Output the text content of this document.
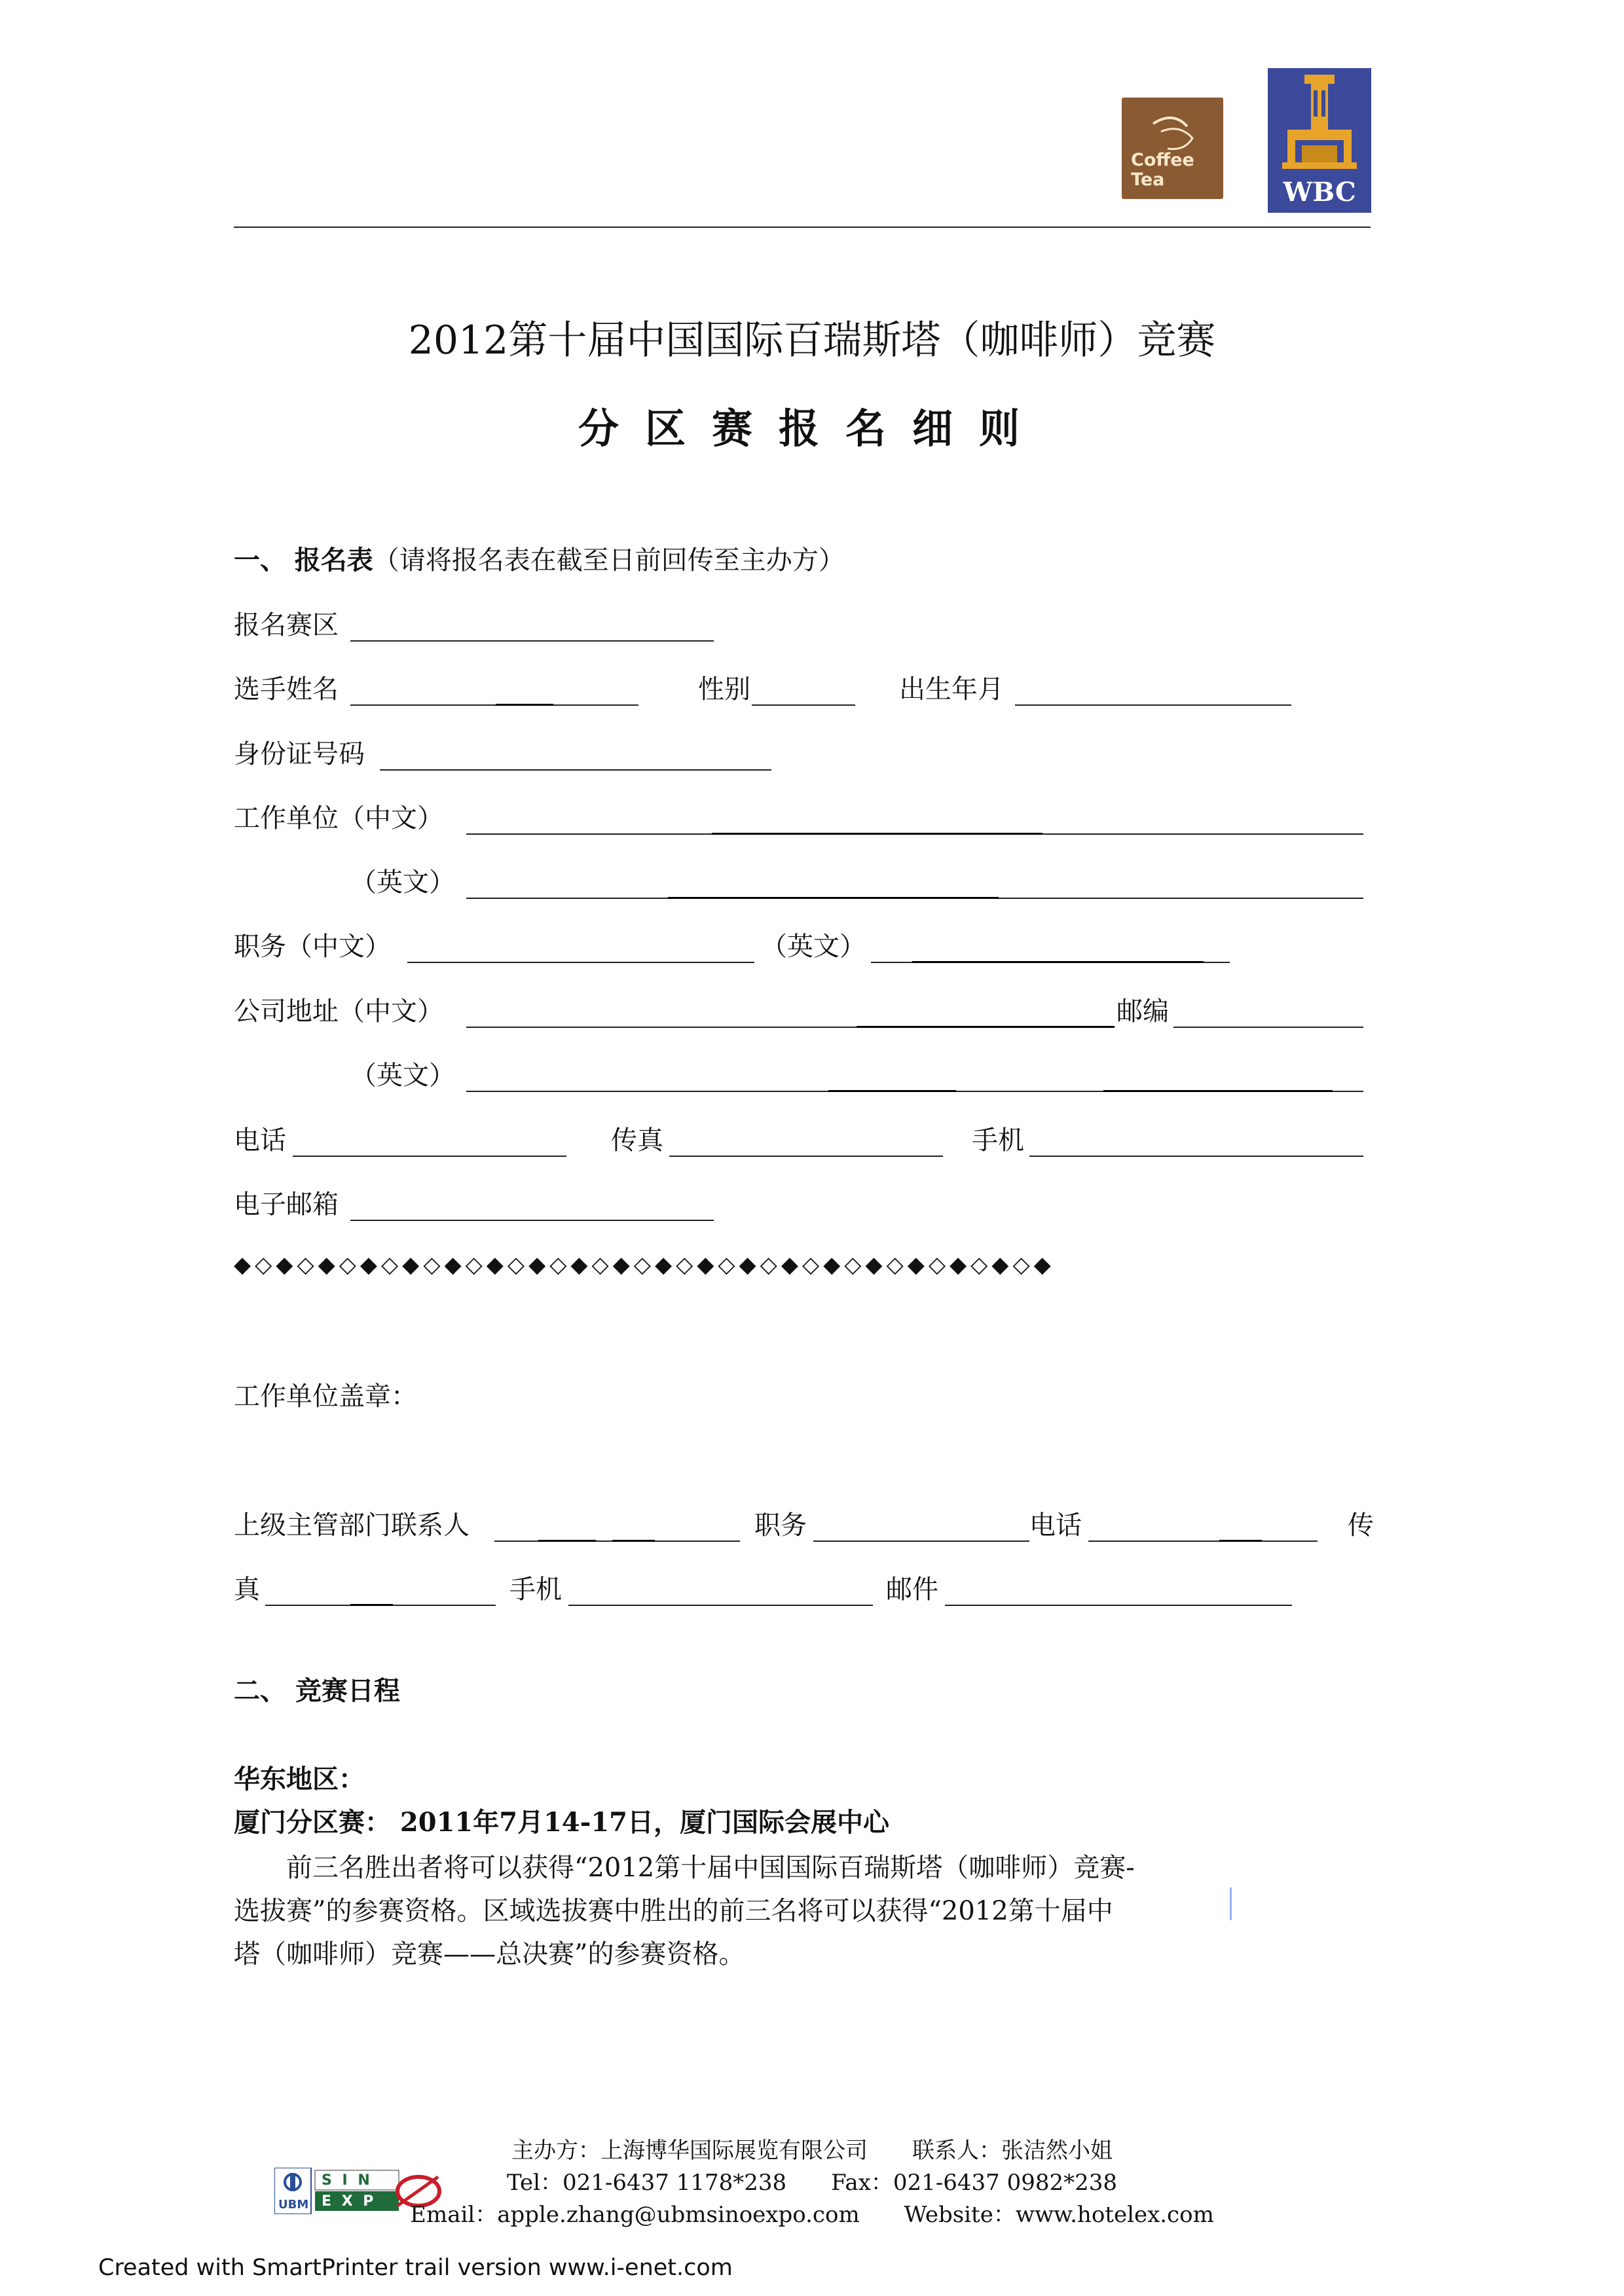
Coffee
Tea	WBC
2012第十届中国国际百瑞斯塔（咖啡师）竞赛
分区赛报名细则
一、 报名表（请将报名表在截至日前回传至主办方）
报名赛区
选手姓名	性别	出生年月
身份证号码
工作单位（中文）
（英文）
职务（中文）	（英文）
公司地址（中文）	邮编
（英文）
电话	传真	手机
电子邮箱
◆◇◆◇◆◇◆◇◆◇◆◇◆◇◆◇◆◇◆◇◆◇◆◇◆◇◆◇◆◇◆◇◆◇◆◇◆◇◆
工作单位盖章：
上级主管部门联系人	职务	电话	传
真	手机	邮件
二、 竞赛日程
华东地区：
厦门分区赛： 2011年7月14-17日，厦门国际会展中心
　　前三名胜出者将可以获得“2012第十届中国国际百瑞斯塔（咖啡师）竞赛-
选拔赛”的参赛资格。区域选拔赛中胜出的前三名将可以获得“2012第十届中
塔（咖啡师）竞赛——总决赛”的参赛资格。
UBM
S I N
E X P
主办方：上海博华国际展览有限公司　　联系人：张洁然小姐
Tel：021-6437 1178*238　　Fax：021-6437 0982*238
Email：apple.zhang@ubmsinoexpo.com　　Website：www.hotelex.com
Created with SmartPrinter trail version www.i-enet.com
